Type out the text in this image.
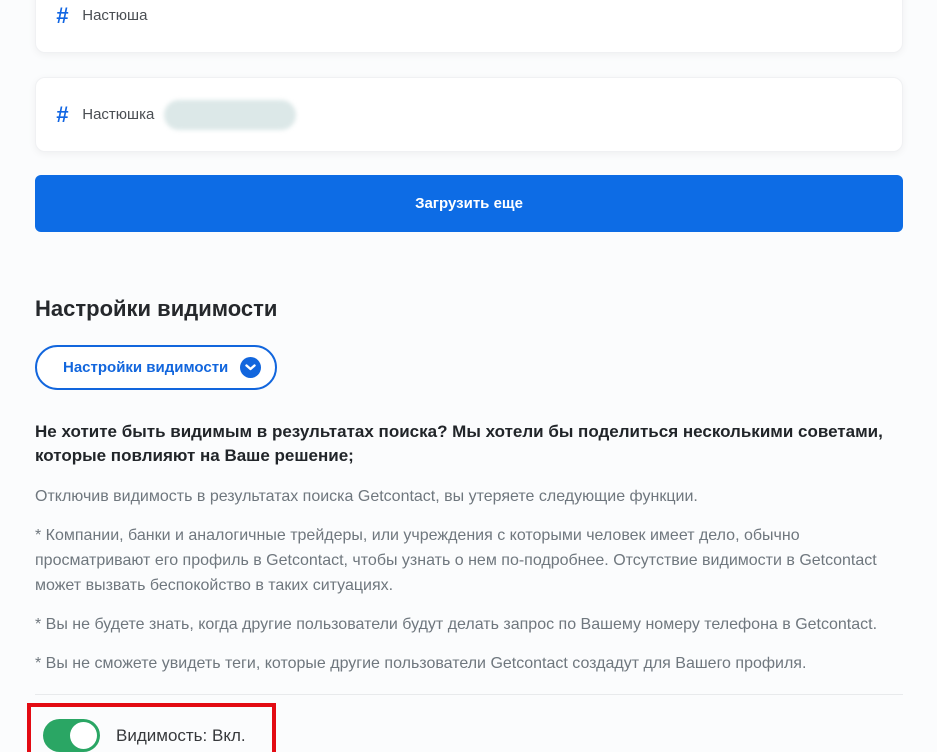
# Настюша
# Настюшка
Загрузить еще
Настройки видимости
Настройки видимости

Не хотите быть видимым в результатах поиска? Мы хотели бы поделиться несколькими советами, которые повлияют на Ваше решение;

Отключив видимость в результатах поиска Getcontact, вы утеряете следующие функции.

* Компании, банки и аналогичные трейдеры, или учреждения с которыми человек имеет дело, обычно просматривают его профиль в Getcontact, чтобы узнать о нем по-подробнее. Отсутствие видимости в Getcontact может вызвать беспокойство в таких ситуациях.

* Вы не будете знать, когда другие пользователи будут делать запрос по Вашему номеру телефона в Getcontact.

* Вы не сможете увидеть теги, которые другие пользователи Getcontact создадут для Вашего профиля.

Видимость: Вкл.
